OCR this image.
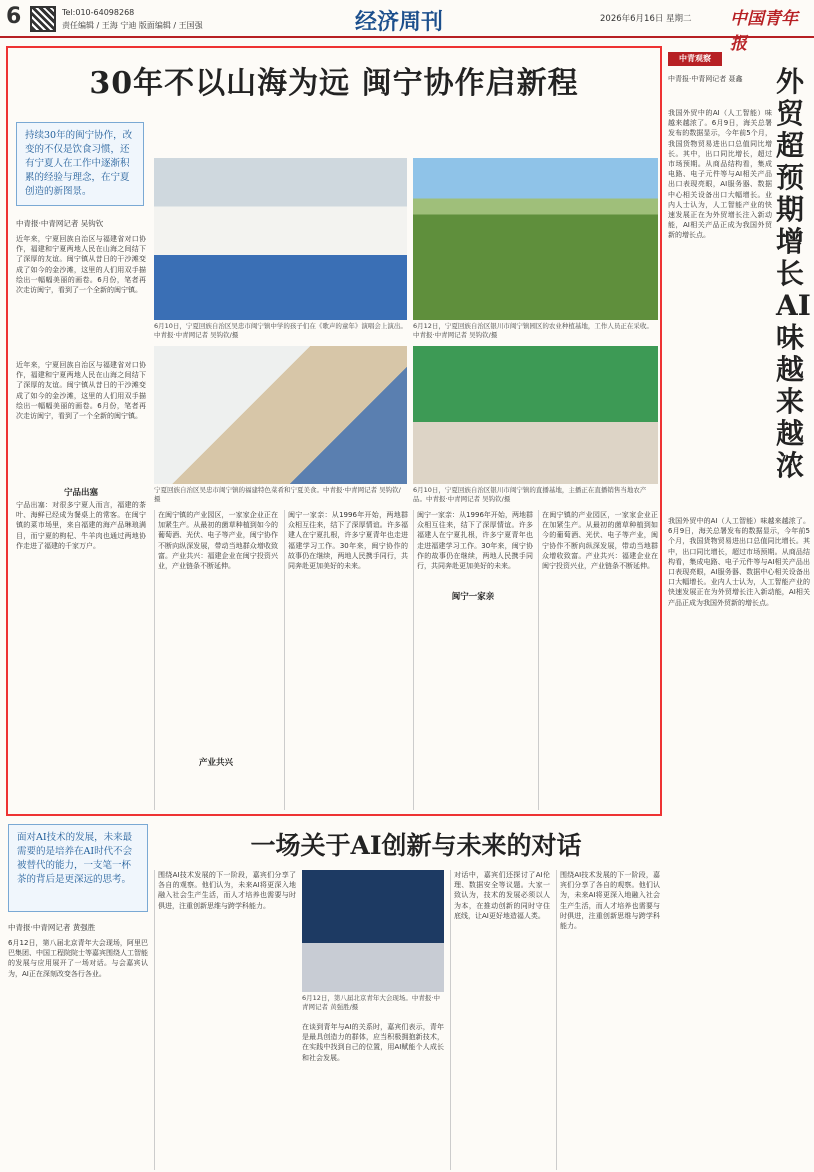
6	Tel:010-64098268
责任编辑 / 王海 宁迪 版面编辑 / 王国强	经济周刊	2026年6月16日 星期二	中国青年报
30年不以山海为远 闽宁协作启新程
持续30年的闽宁协作，改变的不仅是饮食习惯，还有宁夏人在工作中逐渐积累的经验与理念，在宁夏创造的新图景。
中青报·中青网记者 吴钩钦
近年来，宁夏回族自治区与福建省对口协作，福建和宁夏两地人民在山海之间结下了深厚的友谊。闽宁镇从昔日的干沙滩变成了如今的金沙滩，这里的人们用双手描绘出一幅幅美丽的画卷。6月份，笔者再次走访闽宁，看到了一个全新的闽宁镇。
6月10日，宁夏回族自治区吴忠市闽宁镇中学的孩子们在《歌声的童年》演唱会上演出。中青报·中青网记者 吴钩钦/摄
6月12日，宁夏回族自治区银川市闽宁镇园区的农业种植基地，工作人员正在采收。中青报·中青网记者 吴钩钦/摄
近年来，宁夏回族自治区与福建省对口协作，福建和宁夏两地人民在山海之间结下了深厚的友谊。闽宁镇从昔日的干沙滩变成了如今的金沙滩，这里的人们用双手描绘出一幅幅美丽的画卷。6月份，笔者再次走访闽宁，看到了一个全新的闽宁镇。
宁夏回族自治区吴忠市闽宁镇的福建特色菜肴和宁夏美食。中青报·中青网记者 吴钩钦/摄
6月10日，宁夏回族自治区银川市闽宁镇的直播基地，主播正在直播销售当地农产品。中青报·中青网记者 吴钩钦/摄
宁品出塞
宁品出塞：对很多宁夏人而言，福建的茶叶、海鲜已经成为餐桌上的常客。在闽宁镇的菜市场里，来自福建的海产品琳琅满目，而宁夏的枸杞、牛羊肉也通过两地协作走进了福建的千家万户。
在闽宁镇的产业园区，一家家企业正在加紧生产。从最初的菌草种植到如今的葡萄酒、光伏、电子等产业，闽宁协作不断向纵深发展，带动当地群众增收致富。产业共兴：福建企业在闽宁投资兴业，产业链条不断延伸。
产业共兴
闽宁一家亲：从1996年开始，两地群众相互往来，结下了深厚情谊。许多福建人在宁夏扎根，许多宁夏青年也走进福建学习工作。30年来，闽宁协作的故事仍在继续，两地人民携手同行，共同奔赴更加美好的未来。
闽宁一家亲
闽宁一家亲：从1996年开始，两地群众相互往来，结下了深厚情谊。许多福建人在宁夏扎根，许多宁夏青年也走进福建学习工作。30年来，闽宁协作的故事仍在继续，两地人民携手同行，共同奔赴更加美好的未来。
在闽宁镇的产业园区，一家家企业正在加紧生产。从最初的菌草种植到如今的葡萄酒、光伏、电子等产业，闽宁协作不断向纵深发展，带动当地群众增收致富。产业共兴：福建企业在闽宁投资兴业，产业链条不断延伸。
中青观察
中青报·中青网记者 聂鑫	外贸超预期增长 AI味越来越浓
我国外贸中的AI（人工智能）味越来越浓了。6月9日，海关总署发布的数据显示，今年前5个月，我国货物贸易进出口总值同比增长。其中，出口同比增长，超过市场预期。从商品结构看，集成电路、电子元件等与AI相关产品出口表现亮眼，AI服务器、数据中心相关设备出口大幅增长。业内人士认为，人工智能产业的快速发展正在为外贸增长注入新动能，AI相关产品正成为我国外贸新的增长点。
我国外贸中的AI（人工智能）味越来越浓了。6月9日，海关总署发布的数据显示，今年前5个月，我国货物贸易进出口总值同比增长。其中，出口同比增长，超过市场预期。从商品结构看，集成电路、电子元件等与AI相关产品出口表现亮眼，AI服务器、数据中心相关设备出口大幅增长。业内人士认为，人工智能产业的快速发展正在为外贸增长注入新动能，AI相关产品正成为我国外贸新的增长点。
面对AI技术的发展，未来最需要的是培养在AI时代不会被替代的能力，一支笔一杯茶的背后是更深远的思考。
中青报·中青网记者 黄强胜
一场关于AI创新与未来的对话
6月12日，第八届北京青年大会现场，阿里巴巴集团、中国工程院院士等嘉宾围绕人工智能的发展与应用展开了一场对话。与会嘉宾认为，AI正在深刻改变各行各业。
围绕AI技术发展的下一阶段，嘉宾们分享了各自的观察。他们认为，未来AI将更深入地融入社会生产生活，而人才培养也需要与时俱进，注重创新思维与跨学科能力。
6月12日，第八届北京青年大会现场。中青报·中青网记者 黄强胜/摄
在谈到青年与AI的关系时，嘉宾们表示，青年是最具创造力的群体，应当积极拥抱新技术，在实践中找到自己的位置，用AI赋能个人成长和社会发展。
对话中，嘉宾们还探讨了AI伦理、数据安全等议题。大家一致认为，技术的发展必须以人为本，在推动创新的同时守住底线，让AI更好地造福人类。
围绕AI技术发展的下一阶段，嘉宾们分享了各自的观察。他们认为，未来AI将更深入地融入社会生产生活，而人才培养也需要与时俱进，注重创新思维与跨学科能力。
